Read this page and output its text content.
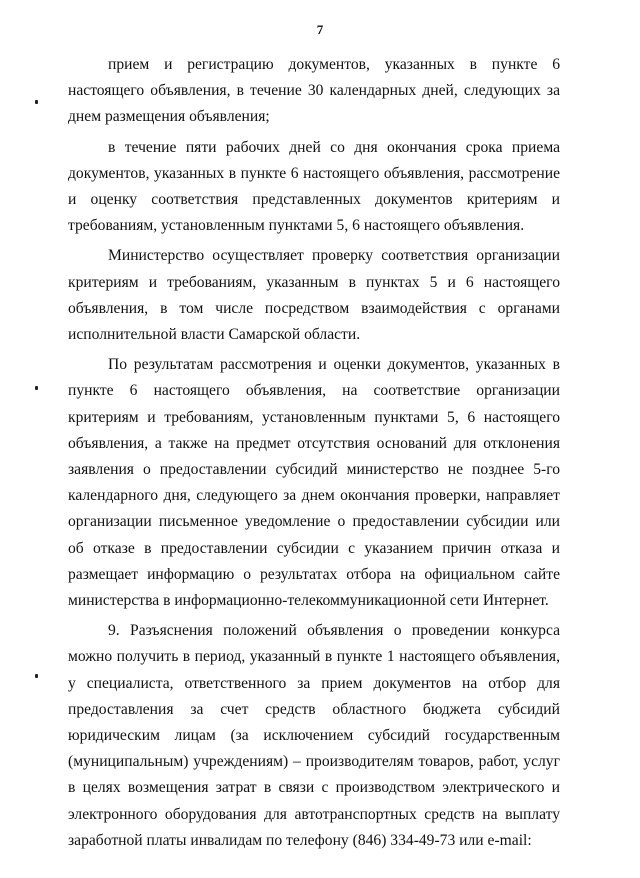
7

прием и регистрацию документов, указанных в пункте 6 настоящего объявления, в течение 30 календарных дней, следующих за днем размещения объявления;

в течение пяти рабочих дней со дня окончания срока приема документов, указанных в пункте 6 настоящего объявления, рассмотрение и оценку соответствия представленных документов критериям и требованиям, установленным пунктами 5, 6 настоящего объявления.

Министерство осуществляет проверку соответствия организации критериям и требованиям, указанным в пунктах 5 и 6 настоящего объявления, в том числе посредством взаимодействия с органами исполнительной власти Самарской области.

По результатам рассмотрения и оценки документов, указанных в пункте 6 настоящего объявления, на соответствие организации критериям и требованиям, установленным пунктами 5, 6 настоящего объявления, а также на предмет отсутствия оснований для отклонения заявления о предоставлении субсидий министерство не позднее 5-го календарного дня, следующего за днем окончания проверки, направляет организации письменное уведомление о предоставлении субсидии или об отказе в предоставлении субсидии с указанием причин отказа и размещает информацию о результатах отбора на официальном сайте министерства в информационно-телекоммуникационной сети Интернет.

9. Разъяснения положений объявления о проведении конкурса можно получить в период, указанный в пункте 1 настоящего объявления, у специалиста, ответственного за прием документов на отбор для предоставления за счет средств областного бюджета субсидий юридическим лицам (за исключением субсидий государственным (муниципальным) учреждениям) – производителям товаров, работ, услуг в целях возмещения затрат в связи с производством электрического и электронного оборудования для автотранспортных средств на выплату заработной платы инвалидам по телефону (846) 334-49-73 или e-mail:
